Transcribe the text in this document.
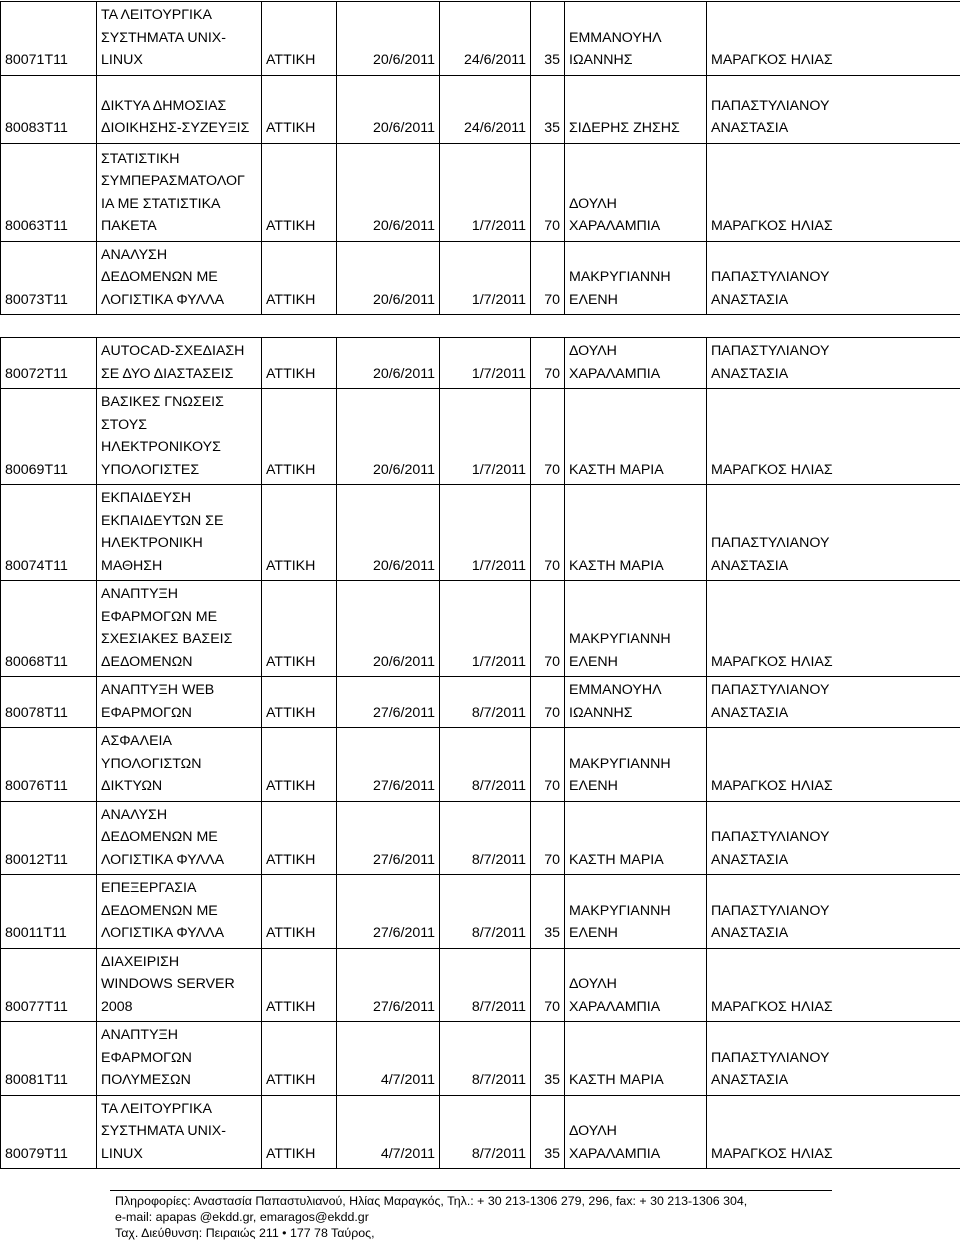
80071T11	ΤΑ ΛΕΙΤΟΥΡΓΙΚΑ
ΣΥΣΤΗΜΑΤΑ UNIX-
LINUX	ΑΤΤΙΚΗ	20/6/2011	24/6/2011	35	ΕΜΜΑΝΟΥΗΛ
ΙΩΑΝΝΗΣ	ΜΑΡΑΓΚΟΣ ΗΛΙΑΣ
80083T11	ΔΙΚΤΥΑ ΔΗΜΟΣΙΑΣ
ΔΙΟΙΚΗΣΗΣ-ΣΥΖΕΥΞΙΣ	ΑΤΤΙΚΗ	20/6/2011	24/6/2011	35	ΣΙΔΕΡΗΣ ΖΗΣΗΣ	ΠΑΠΑΣΤΥΛΙΑΝΟΥ
ΑΝΑΣΤΑΣΙΑ
80063T11	ΣΤΑΤΙΣΤΙΚΗ
ΣΥΜΠΕΡΑΣΜΑΤΟΛΟΓ
ΙΑ ΜΕ ΣΤΑΤΙΣΤΙΚΑ
ΠΑΚΕΤΑ	ΑΤΤΙΚΗ	20/6/2011	1/7/2011	70	ΔΟΥΛΗ
ΧΑΡΑΛΑΜΠΙΑ	ΜΑΡΑΓΚΟΣ ΗΛΙΑΣ
80073T11	ΑΝΑΛΥΣΗ
ΔΕΔΟΜΕΝΩΝ ΜΕ
ΛΟΓΙΣΤΙΚΑ ΦΥΛΛΑ	ΑΤΤΙΚΗ	20/6/2011	1/7/2011	70	ΜΑΚΡΥΓΙΑΝΝΗ
ΕΛΕΝΗ	ΠΑΠΑΣΤΥΛΙΑΝΟΥ
ΑΝΑΣΤΑΣΙΑ
80072T11	AUTOCAD-ΣΧΕΔΙΑΣΗ
ΣΕ ΔΥΟ ΔΙΑΣΤΑΣΕΙΣ	ΑΤΤΙΚΗ	20/6/2011	1/7/2011	70	ΔΟΥΛΗ
ΧΑΡΑΛΑΜΠΙΑ	ΠΑΠΑΣΤΥΛΙΑΝΟΥ
ΑΝΑΣΤΑΣΙΑ
80069T11	ΒΑΣΙΚΕΣ ΓΝΩΣΕΙΣ
ΣΤΟΥΣ
ΗΛΕΚΤΡΟΝΙΚΟΥΣ
ΥΠΟΛΟΓΙΣΤΕΣ	ΑΤΤΙΚΗ	20/6/2011	1/7/2011	70	ΚΑΣΤΗ ΜΑΡΙΑ	ΜΑΡΑΓΚΟΣ ΗΛΙΑΣ
80074T11	ΕΚΠΑΙΔΕΥΣΗ
ΕΚΠΑΙΔΕΥΤΩΝ ΣΕ
ΗΛΕΚΤΡΟΝΙΚΗ
ΜΑΘΗΣΗ	ΑΤΤΙΚΗ	20/6/2011	1/7/2011	70	ΚΑΣΤΗ ΜΑΡΙΑ	ΠΑΠΑΣΤΥΛΙΑΝΟΥ
ΑΝΑΣΤΑΣΙΑ
80068T11	ΑΝΑΠΤΥΞΗ
ΕΦΑΡΜΟΓΩΝ ΜΕ
ΣΧΕΣΙΑΚΕΣ ΒΑΣΕΙΣ
ΔΕΔΟΜΕΝΩΝ	ΑΤΤΙΚΗ	20/6/2011	1/7/2011	70	ΜΑΚΡΥΓΙΑΝΝΗ
ΕΛΕΝΗ	ΜΑΡΑΓΚΟΣ ΗΛΙΑΣ
80078T11	ΑΝΑΠΤΥΞΗ WEB
ΕΦΑΡΜΟΓΩΝ	ΑΤΤΙΚΗ	27/6/2011	8/7/2011	70	ΕΜΜΑΝΟΥΗΛ
ΙΩΑΝΝΗΣ	ΠΑΠΑΣΤΥΛΙΑΝΟΥ
ΑΝΑΣΤΑΣΙΑ
80076T11	ΑΣΦΑΛΕΙΑ
ΥΠΟΛΟΓΙΣΤΩΝ
ΔΙΚΤΥΩΝ	ΑΤΤΙΚΗ	27/6/2011	8/7/2011	70	ΜΑΚΡΥΓΙΑΝΝΗ
ΕΛΕΝΗ	ΜΑΡΑΓΚΟΣ ΗΛΙΑΣ
80012T11	ΑΝΑΛΥΣΗ
ΔΕΔΟΜΕΝΩΝ ΜΕ
ΛΟΓΙΣΤΙΚΑ ΦΥΛΛΑ	ΑΤΤΙΚΗ	27/6/2011	8/7/2011	70	ΚΑΣΤΗ ΜΑΡΙΑ	ΠΑΠΑΣΤΥΛΙΑΝΟΥ
ΑΝΑΣΤΑΣΙΑ
80011T11	ΕΠΕΞΕΡΓΑΣΙΑ
ΔΕΔΟΜΕΝΩΝ ΜΕ
ΛΟΓΙΣΤΙΚΑ ΦΥΛΛΑ	ΑΤΤΙΚΗ	27/6/2011	8/7/2011	35	ΜΑΚΡΥΓΙΑΝΝΗ
ΕΛΕΝΗ	ΠΑΠΑΣΤΥΛΙΑΝΟΥ
ΑΝΑΣΤΑΣΙΑ
80077T11	ΔΙΑΧΕΙΡΙΣΗ
WINDOWS SERVER
2008	ΑΤΤΙΚΗ	27/6/2011	8/7/2011	70	ΔΟΥΛΗ
ΧΑΡΑΛΑΜΠΙΑ	ΜΑΡΑΓΚΟΣ ΗΛΙΑΣ
80081T11	ΑΝΑΠΤΥΞΗ
ΕΦΑΡΜΟΓΩΝ
ΠΟΛΥΜΕΣΩΝ	ΑΤΤΙΚΗ	4/7/2011	8/7/2011	35	ΚΑΣΤΗ ΜΑΡΙΑ	ΠΑΠΑΣΤΥΛΙΑΝΟΥ
ΑΝΑΣΤΑΣΙΑ
80079T11	ΤΑ ΛΕΙΤΟΥΡΓΙΚΑ
ΣΥΣΤΗΜΑΤΑ UNIX-
LINUX	ΑΤΤΙΚΗ	4/7/2011	8/7/2011	35	ΔΟΥΛΗ
ΧΑΡΑΛΑΜΠΙΑ	ΜΑΡΑΓΚΟΣ ΗΛΙΑΣ
Πληροφορίες: Αναστασία Παπαστυλιανού, Ηλίας Μαραγκός, Τηλ.: + 30 213-1306 279, 296, fax: + 30 213-1306 304,
e-mail: apapas @ekdd.gr, emaragos@ekdd.gr
Ταχ. Διεύθυνση: Πειραιώς 211 • 177 78 Ταύρος,
